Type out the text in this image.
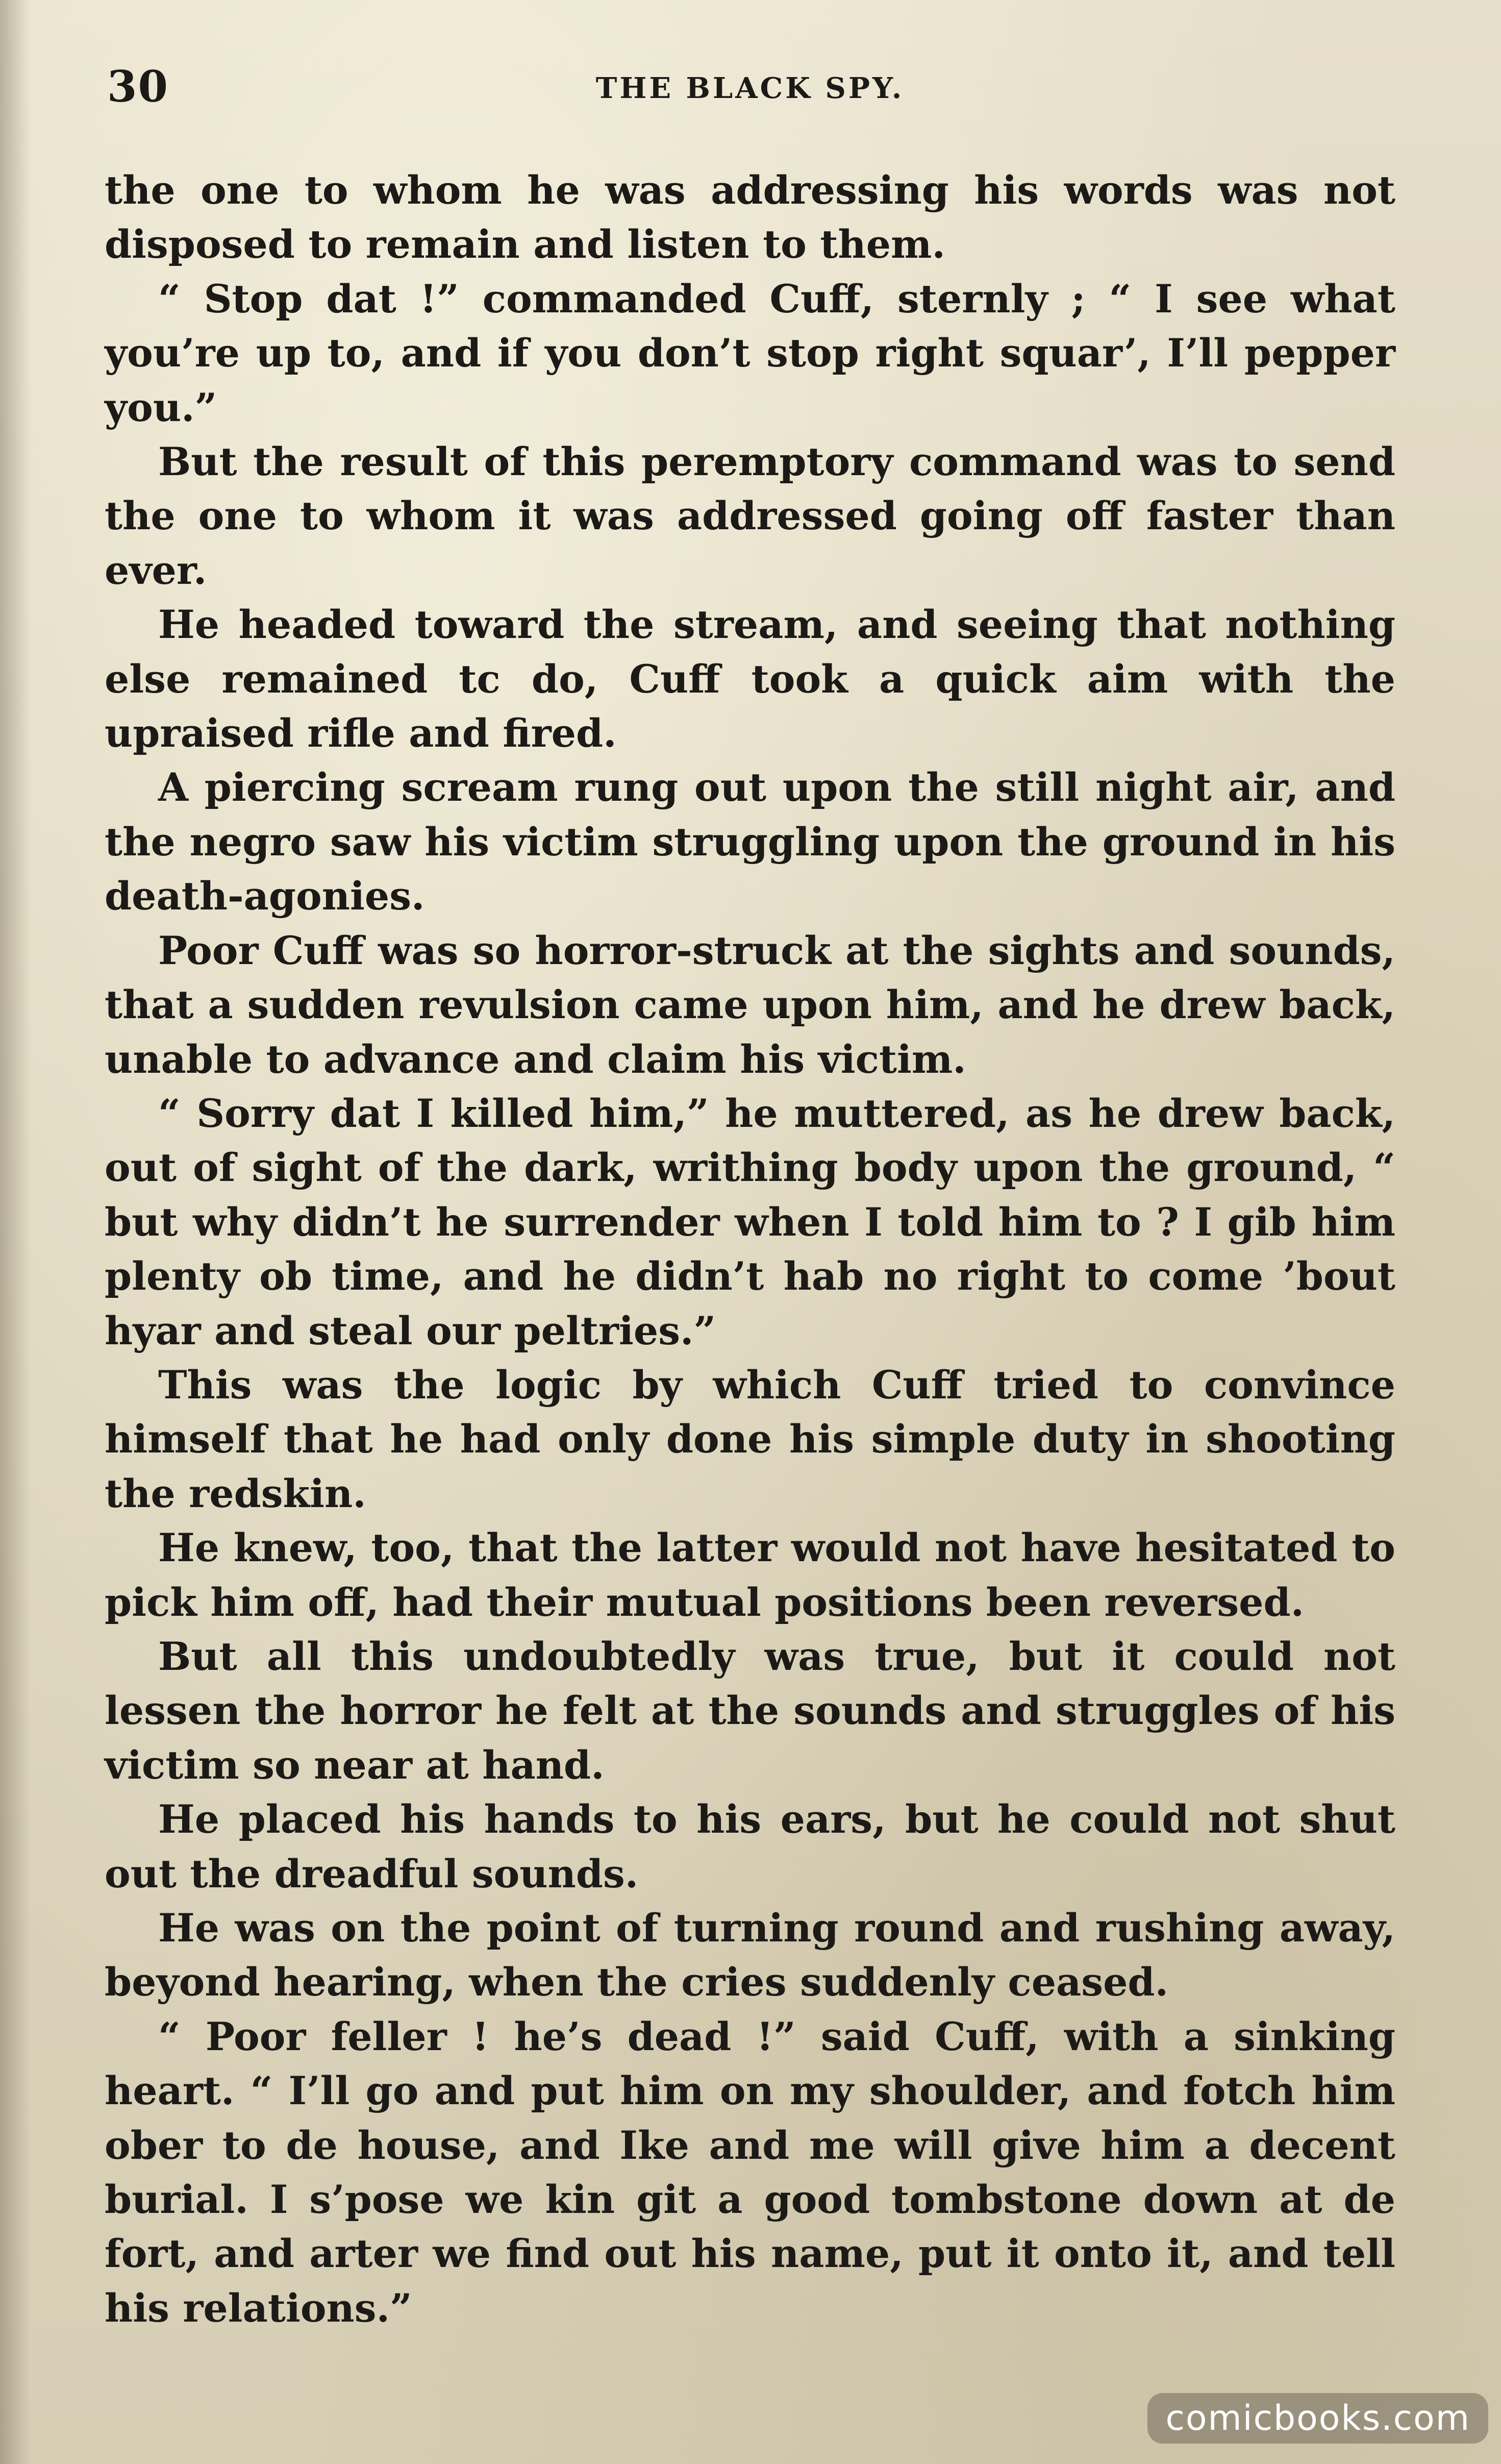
30	THE BLACK SPY.

the one to whom he was addressing his words was not disposed to remain and listen to them.

“ Stop dat !” commanded Cuff, sternly ; “ I see what you’re up to, and if you don’t stop right squar’, I’ll pepper you.”

But the result of this peremptory command was to send the one to whom it was addressed going off faster than ever.

He headed toward the stream, and seeing that nothing else remained tc do, Cuff took a quick aim with the upraised rifle and fired.

A piercing scream rung out upon the still night air, and the negro saw his victim struggling upon the ground in his death-agonies.

Poor Cuff was so horror-struck at the sights and sounds, that a sudden revulsion came upon him, and he drew back, unable to advance and claim his victim.

“ Sorry dat I killed him,” he muttered, as he drew back, out of sight of the dark, writhing body upon the ground, “ but why didn’t he surrender when I told him to ? I gib him plenty ob time, and he didn’t hab no right to come ’bout hyar and steal our peltries.”

This was the logic by which Cuff tried to convince himself that he had only done his simple duty in shooting the redskin.

He knew, too, that the latter would not have hesitated to pick him off, had their mutual positions been reversed.

But all this undoubtedly was true, but it could not lessen the horror he felt at the sounds and struggles of his victim so near at hand.

He placed his hands to his ears, but he could not shut out the dreadful sounds.

He was on the point of turning round and rushing away, beyond hearing, when the cries suddenly ceased.

“ Poor feller ! he’s dead !” said Cuff, with a sinking heart. “ I’ll go and put him on my shoulder, and fotch him ober to de house, and Ike and me will give him a decent burial. I s’pose we kin git a good tombstone down at de fort, and arter we find out his name, put it onto it, and tell his relations.”

comicbooks.com
